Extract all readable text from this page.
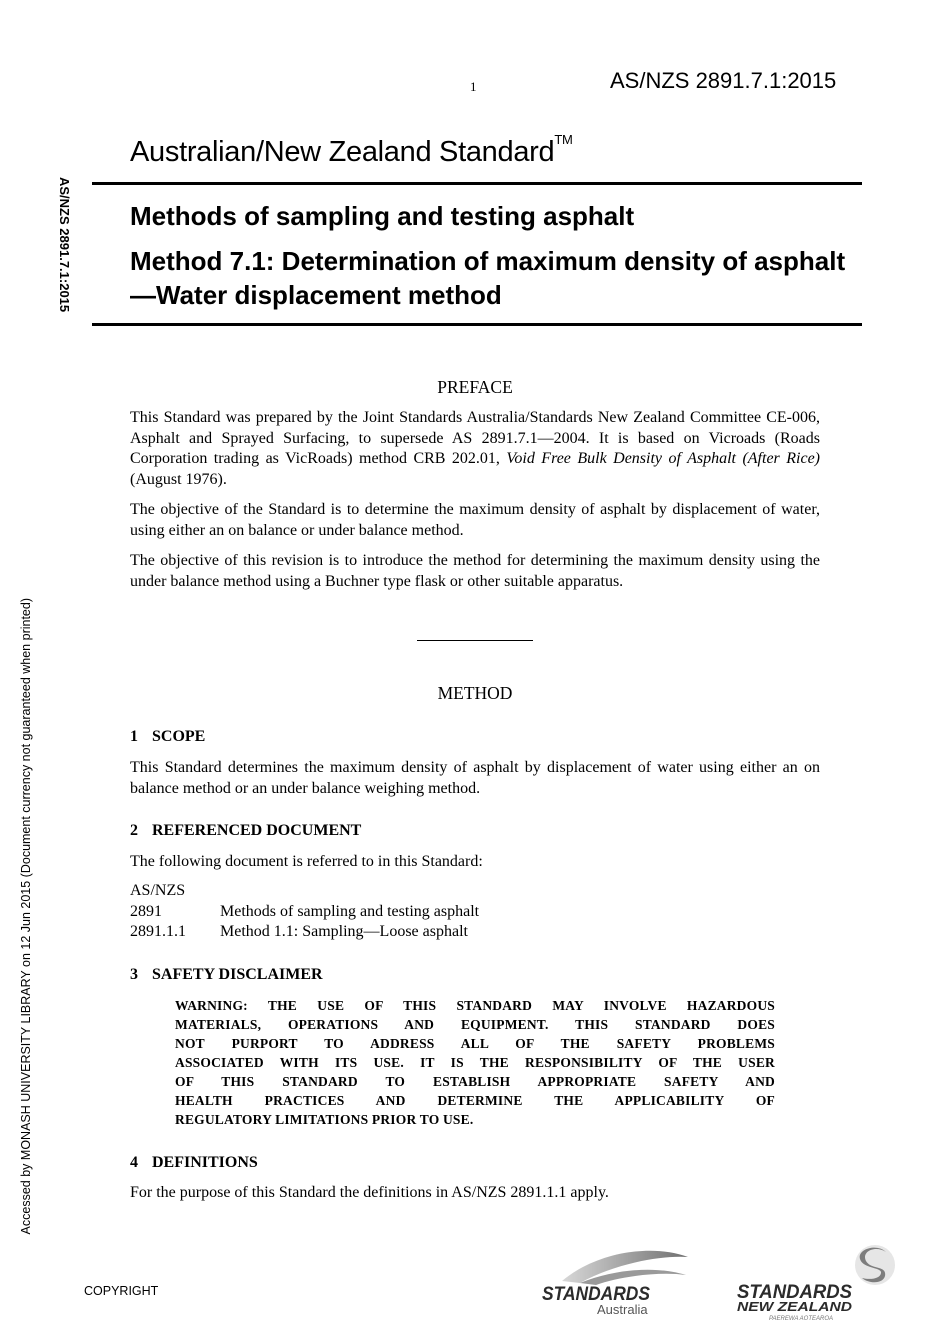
1	AS/NZS 2891.7.1:2015
Australian/New Zealand Standard™
Methods of sampling and testing asphalt
Method 7.1: Determination of maximum density of asphalt—Water displacement method
AS/NZS 2891.7.1:2015
Accessed by MONASH UNIVERSITY LIBRARY on 12 Jun 2015 (Document currency not guaranteed when printed)
PREFACE
This Standard was prepared by the Joint Standards Australia/Standards New Zealand Committee CE-006, Asphalt and Sprayed Surfacing, to supersede AS 2891.7.1—2004. It is based on Vicroads (Roads Corporation trading as VicRoads) method CRB 202.01, Void Free Bulk Density of Asphalt (After Rice) (August 1976).
The objective of the Standard is to determine the maximum density of asphalt by displacement of water, using either an on balance or under balance method.
The objective of this revision is to introduce the method for determining the maximum density using the under balance method using a Buchner type flask or other suitable apparatus.
METHOD
1 SCOPE
This Standard determines the maximum density of asphalt by displacement of water using either an on balance method or an under balance weighing method.
2 REFERENCED DOCUMENT
The following document is referred to in this Standard:
AS/NZS
2891	Methods of sampling and testing asphalt
2891.1.1 Method 1.1: Sampling—Loose asphalt
3 SAFETY DISCLAIMER
WARNING: THE USE OF THIS STANDARD MAY INVOLVE HAZARDOUS
MATERIALS, OPERATIONS AND EQUIPMENT. THIS STANDARD DOES
NOT PURPORT TO ADDRESS ALL OF THE SAFETY PROBLEMS
ASSOCIATED WITH ITS USE. IT IS THE RESPONSIBILITY OF THE USER
OF THIS STANDARD TO ESTABLISH APPROPRIATE SAFETY AND
HEALTH PRACTICES AND DETERMINE THE APPLICABILITY OF
REGULATORY LIMITATIONS PRIOR TO USE.
4 DEFINITIONS
For the purpose of this Standard the definitions in AS/NZS 2891.1.1 apply.
COPYRIGHT	STANDARDS
Australia
STANDARDS
NEW ZEALAND
PAEREWA AOTEAROA
